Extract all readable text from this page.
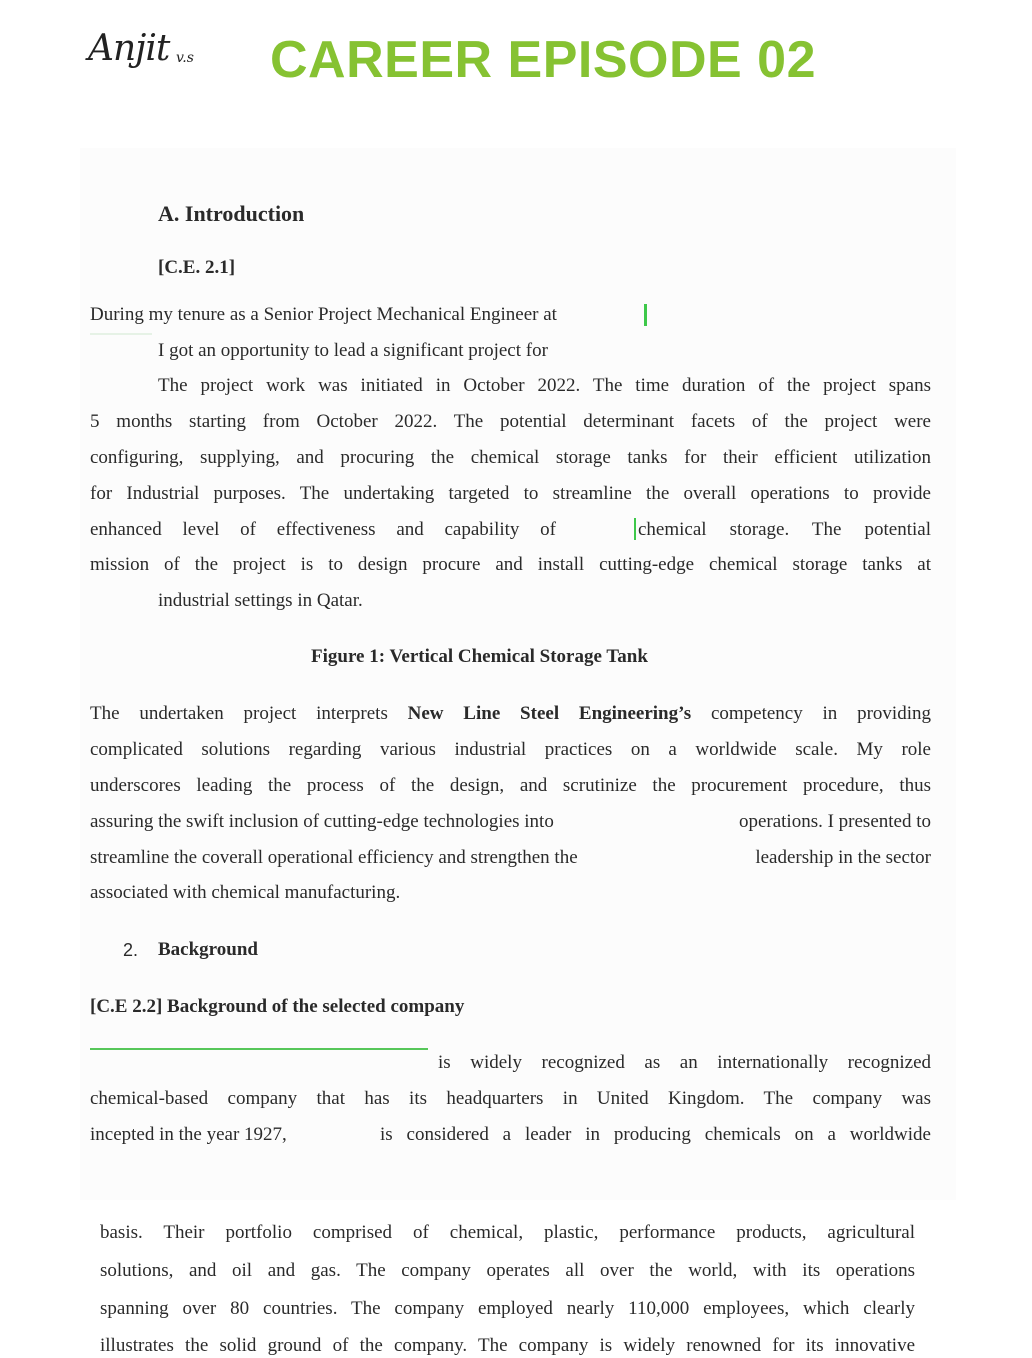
Anjit v.s CAREER EPISODE 02
A. Introduction
[C.E. 2.1]
During my tenure as a Senior Project Mechanical Engineer at
I got an opportunity to lead a significant project for
The project work was initiated in October 2022. The time duration of the project spans
5 months starting from October 2022. The potential determinant facets of the project were
configuring, supplying, and procuring the chemical storage tanks for their efficient utilization
for Industrial purposes. The undertaking targeted to streamline the overall operations to provide
enhanced level of effectiveness and capability of	chemical storage. The potential
mission of the project is to design procure and install cutting-edge chemical storage tanks at
industrial settings in Qatar.
Figure 1: Vertical Chemical Storage Tank
The undertaken project interprets New Line Steel Engineering’s competency in providing
complicated solutions regarding various industrial practices on a worldwide scale. My role
underscores leading the process of the design, and scrutinize the procurement procedure, thus
assuring the swift inclusion of cutting-edge technologies into	operations. I presented to
streamline the coverall operational efficiency and strengthen the	leadership in the sector
associated with chemical manufacturing.
2. Background
[C.E 2.2] Background of the selected company
is widely recognized as an internationally recognized
chemical-based company that has its headquarters in United Kingdom. The company was
incepted in the year 1927,	is considered a leader in producing chemicals on a worldwide
basis. Their portfolio comprised of chemical, plastic, performance products, agricultural
solutions, and oil and gas. The company operates all over the world, with its operations
spanning over 80 countries. The company employed nearly 110,000 employees, which clearly
illustrates the solid ground of the company. The company is widely renowned for its innovative
